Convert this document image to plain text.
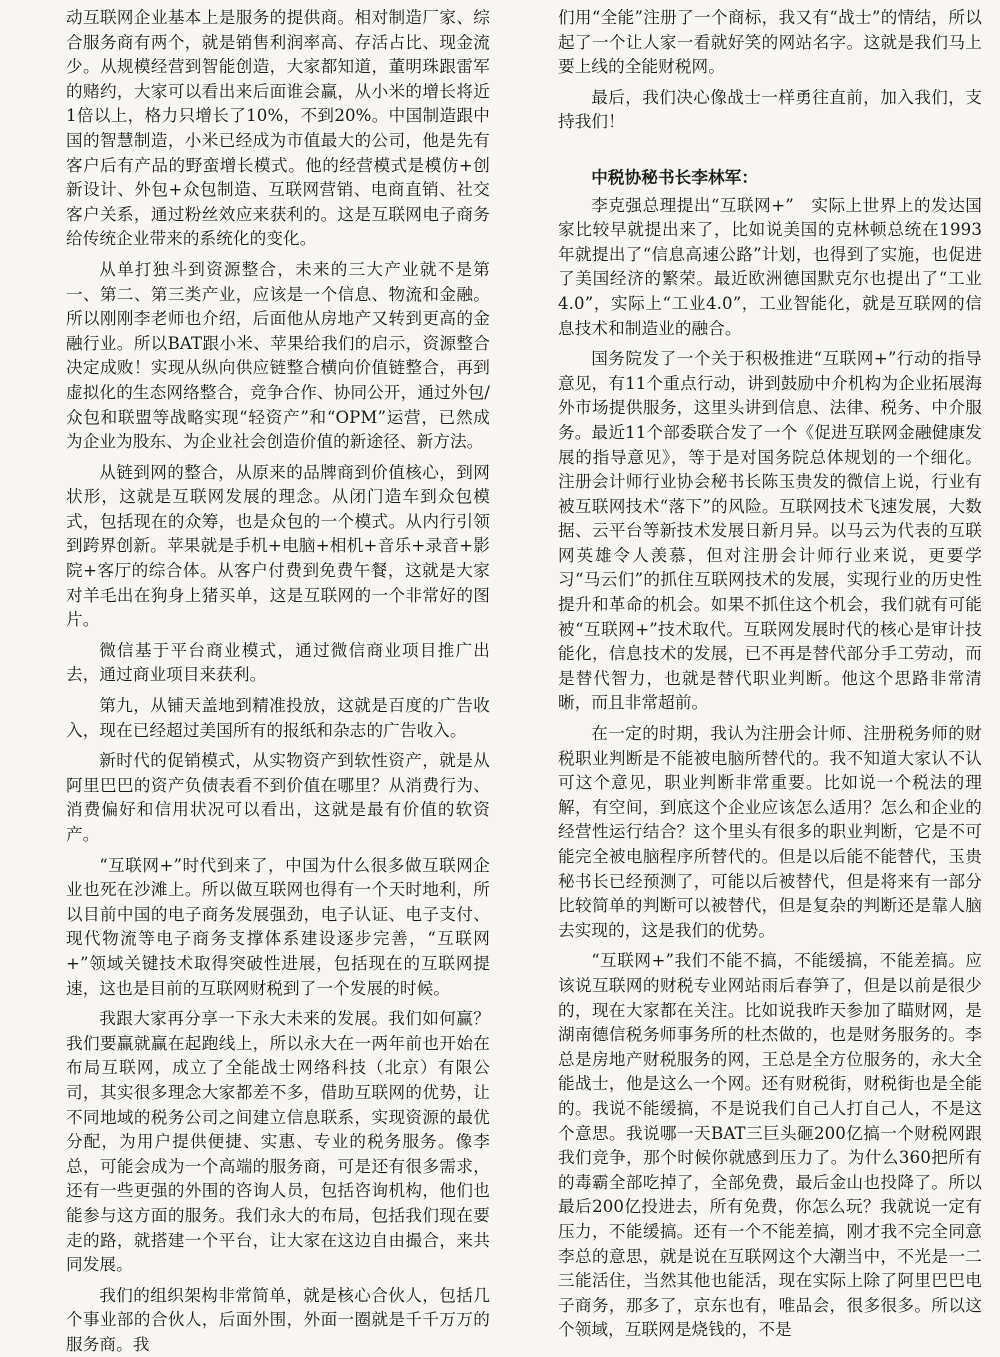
动互联网企业基本上是服务的提供商。相对制造厂家、综合服务商有两个，就是销售利润率高、存活占比、现金流少。从规模经营到智能创造，大家都知道，董明珠跟雷军的赌约，大家可以看出来后面谁会赢，从小米的增长将近1倍以上，格力只增长了10%，不到20%。中国制造跟中国的智慧制造，小米已经成为市值最大的公司，他是先有客户后有产品的野蛮增长模式。他的经营模式是模仿+创新设计、外包+众包制造、互联网营销、电商直销、社交客户关系，通过粉丝效应来获利的。这是互联网电子商务给传统企业带来的系统化的变化。

从单打独斗到资源整合，未来的三大产业就不是第一、第二、第三类产业，应该是一个信息、物流和金融。所以刚刚李老师也介绍，后面他从房地产又转到更高的金融行业。所以BAT跟小米、苹果给我们的启示，资源整合决定成败！实现从纵向供应链整合横向价值链整合，再到虚拟化的生态网络整合，竞争合作、协同公开，通过外包/众包和联盟等战略实现“轻资产”和“OPM”运营，已然成为企业为股东、为企业社会创造价值的新途径、新方法。

从链到网的整合，从原来的品牌商到价值核心，到网状形，这就是互联网发展的理念。从闭门造车到众包模式，包括现在的众筹，也是众包的一个模式。从内行引领到跨界创新。苹果就是手机+电脑+相机+音乐+录音+影院+客厅的综合体。从客户付费到免费午餐，这就是大家对羊毛出在狗身上猪买单，这是互联网的一个非常好的图片。

微信基于平台商业模式，通过微信商业项目推广出去，通过商业项目来获利。

第九，从铺天盖地到精准投放，这就是百度的广告收入，现在已经超过美国所有的报纸和杂志的广告收入。

新时代的促销模式，从实物资产到软性资产，就是从阿里巴巴的资产负债表看不到价值在哪里？从消费行为、消费偏好和信用状况可以看出，这就是最有价值的软资产。

“互联网+”时代到来了，中国为什么很多做互联网企业也死在沙滩上。所以做互联网也得有一个天时地利，所以目前中国的电子商务发展强劲，电子认证、电子支付、现代物流等电子商务支撑体系建设逐步完善，“互联网+”领域关键技术取得突破性进展，包括现在的互联网提速，这也是目前的互联网财税到了一个发展的时候。

我跟大家再分享一下永大未来的发展。我们如何赢？我们要赢就赢在起跑线上，所以永大在一两年前也开始在布局互联网，成立了全能战士网络科技（北京）有限公司，其实很多理念大家都差不多，借助互联网的优势，让不同地域的税务公司之间建立信息联系，实现资源的最优分配，为用户提供便捷、实惠、专业的税务服务。像李总，可能会成为一个高端的服务商，可是还有很多需求，还有一些更强的外围的咨询人员，包括咨询机构，他们也能参与这方面的服务。我们永大的布局，包括我们现在要走的路，就搭建一个平台，让大家在这边自由撮合，来共同发展。

我们的组织架构非常简单，就是核心合伙人，包括几个事业部的合伙人，后面外围，外面一圈就是千千万万的服务商。我

们用“全能”注册了一个商标，我又有“战士”的情结，所以起了一个让人家一看就好笑的网站名字。这就是我们马上要上线的全能财税网。

最后，我们决心像战士一样勇往直前，加入我们，支持我们！

中税协秘书长李林军：

李克强总理提出“互联网+”　实际上世界上的发达国家比较早就提出来了，比如说美国的克林顿总统在1993年就提出了“信息高速公路”计划，也得到了实施，也促进了美国经济的繁荣。最近欧洲德国默克尔也提出了“工业4.0”，实际上“工业4.0”，工业智能化，就是互联网的信息技术和制造业的融合。

国务院发了一个关于积极推进“互联网+”行动的指导意见，有11个重点行动，讲到鼓励中介机构为企业拓展海外市场提供服务，这里头讲到信息、法律、税务、中介服务。最近11个部委联合发了一个《促进互联网金融健康发展的指导意见》，等于是对国务院总体规划的一个细化。注册会计师行业协会秘书长陈玉贵发的微信上说，行业有被互联网技术“落下”的风险。互联网技术飞速发展，大数据、云平台等新技术发展日新月异。以马云为代表的互联网英雄令人羡慕，但对注册会计师行业来说，更要学习“马云们”的抓住互联网技术的发展，实现行业的历史性提升和革命的机会。如果不抓住这个机会，我们就有可能被“互联网+”技术取代。互联网发展时代的核心是审计技能化，信息技术的发展，已不再是替代部分手工劳动，而是替代智力，也就是替代职业判断。他这个思路非常清晰，而且非常超前。

在一定的时期，我认为注册会计师、注册税务师的财税职业判断是不能被电脑所替代的。我不知道大家认不认可这个意见，职业判断非常重要。比如说一个税法的理解，有空间，到底这个企业应该怎么适用？怎么和企业的经营性运行结合？这个里头有很多的职业判断，它是不可能完全被电脑程序所替代的。但是以后能不能替代，玉贵秘书长已经预测了，可能以后被替代，但是将来有一部分比较简单的判断可以被替代，但是复杂的判断还是靠人脑去实现的，这是我们的优势。

“互联网+”我们不能不搞，不能缓搞，不能差搞。应该说互联网的财税专业网站雨后春笋了，但是以前是很少的，现在大家都在关注。比如说我昨天参加了瞄财网，是湖南德信税务师事务所的杜杰做的，也是财务服务的。李总是房地产财税服务的网，王总是全方位服务的，永大全能战士，他是这么一个网。还有财税街，财税街也是全能的。我说不能缓搞，不是说我们自己人打自己人，不是这个意思。我说哪一天BAT三巨头砸200亿搞一个财税网跟我们竞争，那个时候你就感到压力了。为什么360把所有的毒霸全部吃掉了，全部免费，最后金山也投降了。所以最后200亿投进去，所有免费，你怎么玩？我就说一定有压力，不能缓搞。还有一个不能差搞，刚才我不完全同意李总的意思，就是说在互联网这个大潮当中，不光是一二三能活住，当然其他也能活，现在实际上除了阿里巴巴电子商务，那多了，京东也有，唯品会，很多很多。所以这个领域，互联网是烧钱的，不是
